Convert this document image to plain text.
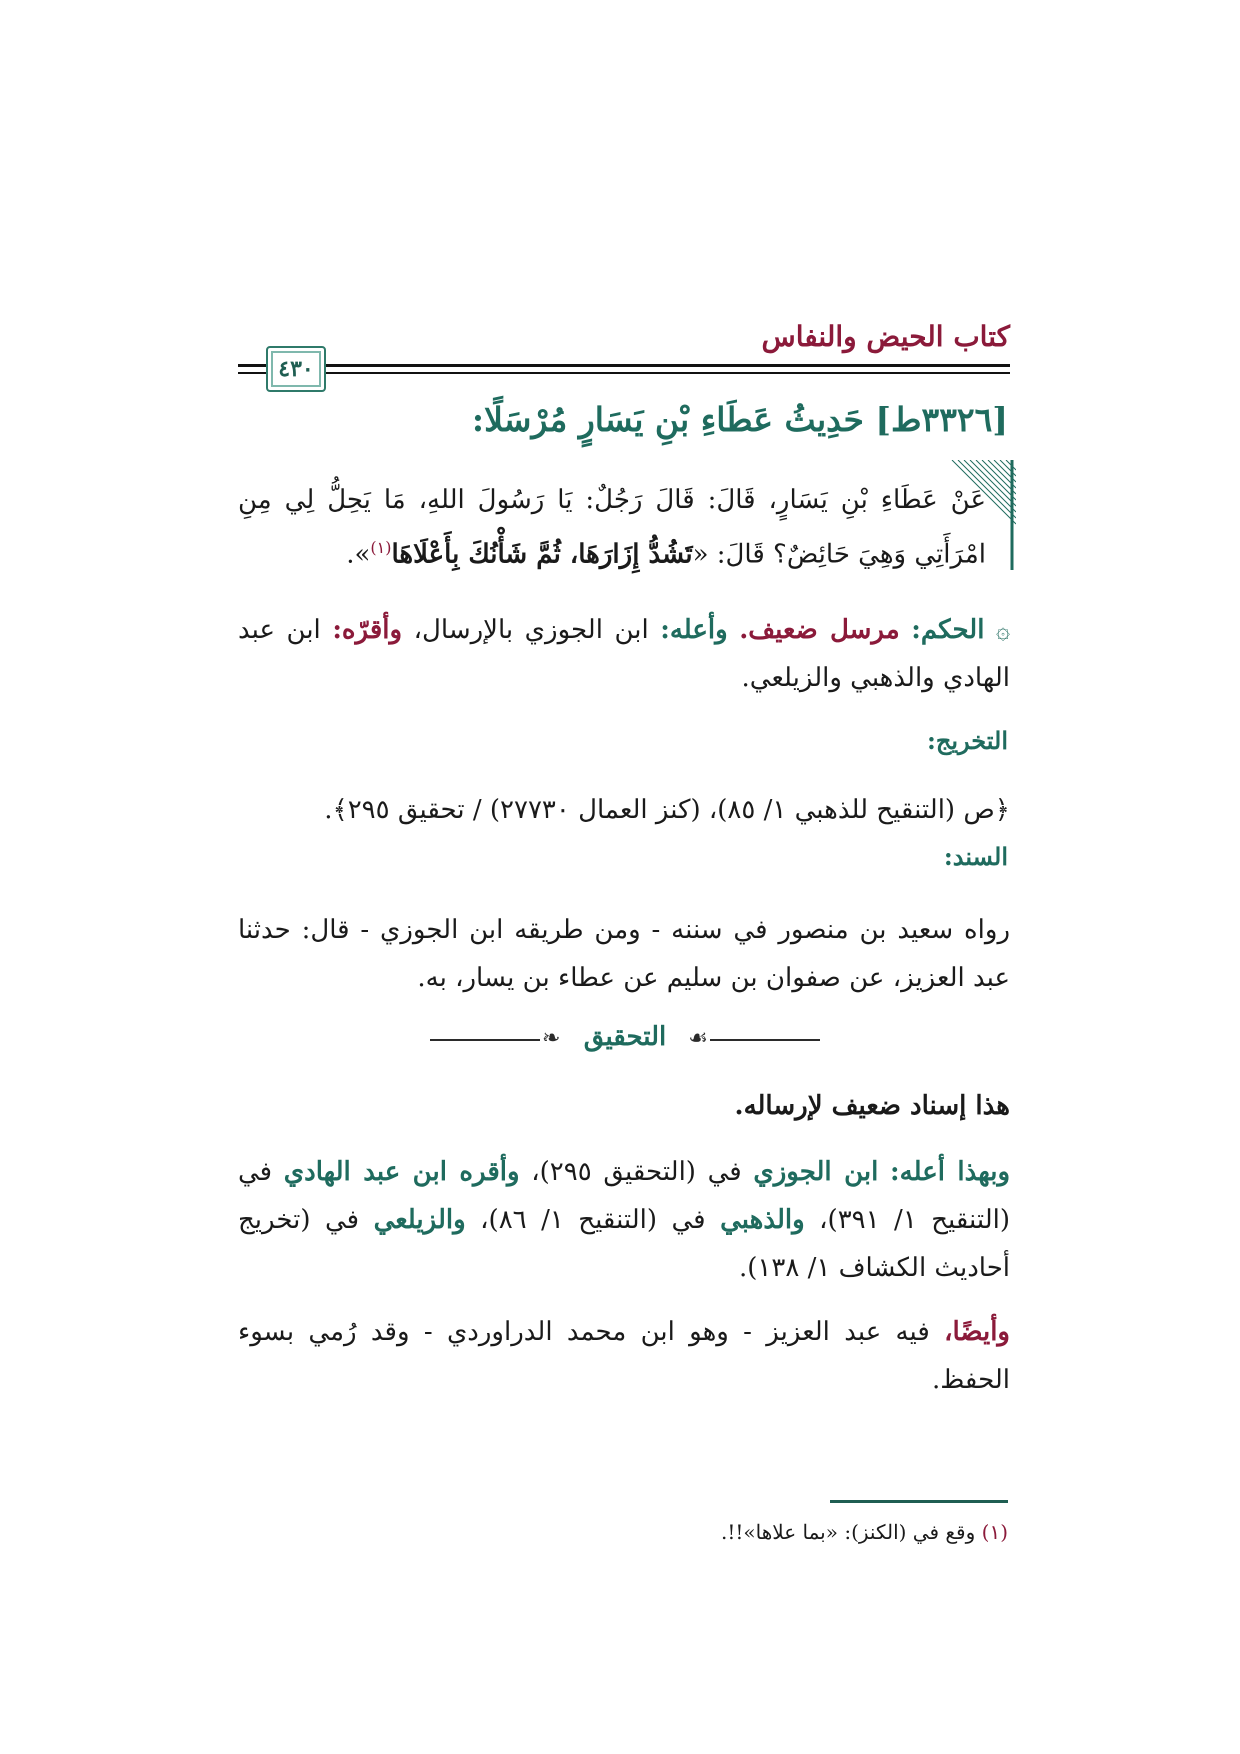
كتاب الحيض والنفاس
٤٣٠
[٣٣٢٦ط] حَدِيثُ عَطَاءِ بْنِ يَسَارٍ مُرْسَلًا:
عَنْ عَطَاءِ بْنِ يَسَارٍ، قَالَ: قَالَ رَجُلٌ: يَا رَسُولَ اللهِ، مَا يَحِلُّ لِي مِنِ امْرَأَتِي وَهِيَ حَائِضٌ؟ قَالَ: «تَشُدُّ إِزَارَهَا، ثُمَّ شَأْنُكَ بِأَعْلَاهَا$^{(١)}$».
۞ الحكم: مرسل ضعيف. وأعله: ابن الجوزي بالإرسال، وأقرّه: ابن عبد الهادي والذهبي والزيلعي.
التخريج:
﴿ص (التنقيح للذهبي ١/ ٨٥)، (كنز العمال ٢٧٧٣٠) / تحقيق ٢٩٥﴾.
السند:
رواه سعيد بن منصور في سننه - ومن طريقه ابن الجوزي - قال: حدثنا عبد العزيز، عن صفوان بن سليم عن عطاء بن يسار، به.
❧ التحقيق	☙
هذا إسناد ضعيف لإرساله.
وبهذا أعله: ابن الجوزي في (التحقيق ٢٩٥)، وأقره ابن عبد الهادي في (التنقيح ١/ ٣٩١)، والذهبي في (التنقيح ١/ ٨٦)، والزيلعي في (تخريج أحاديث الكشاف ١/ ١٣٨).
وأيضًا، فيه عبد العزيز - وهو ابن محمد الدراوردي - وقد رُمي بسوء الحفظ.
(١) وقع في (الكنز): «بما علاها»!!.
